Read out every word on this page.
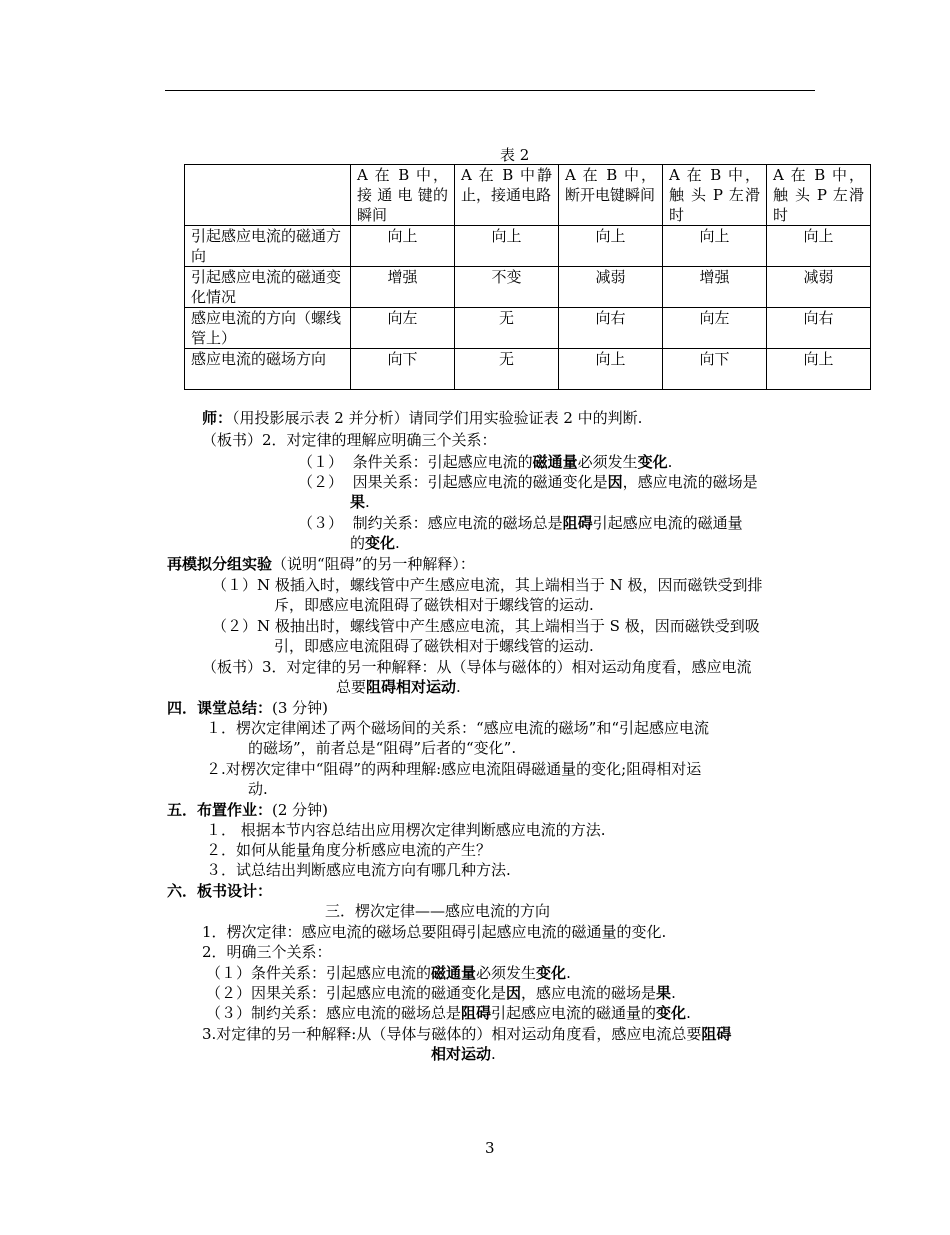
表 2
	A 在 B 中，接 通 电 键的瞬间	A 在 B 中静止，接通电路	A 在 B 中，断开电键瞬间	A 在 B 中，触 头 P 左滑时	A 在 B 中，触 头 P 左滑时
引起感应电流的磁通方向	向上	向上	向上	向上	向上
引起感应电流的磁通变化情况	增强	不变	减弱	增强	减弱
感应电流的方向（螺线管上）	向左	无	向右	向左	向右
感应电流的磁场方向	向下	无	向上	向下	向上
师：（用投影展示表 2 并分析）请同学们用实验验证表 2 中的判断.
（板书）2．对定律的理解应明确三个关系：
（１） 条件关系：引起感应电流的磁通量必须发生变化.
（２） 因果关系：引起感应电流的磁通变化是因，感应电流的磁场是
果.
（３） 制约关系：感应电流的磁场总是阻碍引起感应电流的磁通量
的变化.
再模拟分组实验（说明“阻碍”的另一种解释）：
（１）N 极插入时，螺线管中产生感应电流，其上端相当于 N 极，因而磁铁受到排
斥，即感应电流阻碍了磁铁相对于螺线管的运动.
（２）N 极抽出时，螺线管中产生感应电流，其上端相当于 S 极，因而磁铁受到吸
引，即感应电流阻碍了磁铁相对于螺线管的运动.
（板书）3．对定律的另一种解释：从（导体与磁体的）相对运动角度看，感应电流
总要阻碍相对运动.
四．课堂总结：(3 分钟)
１．楞次定律阐述了两个磁场间的关系：“感应电流的磁场”和“引起感应电流
的磁场”，前者总是“阻碍”后者的“变化”.
２.对楞次定律中“阻碍”的两种理解:感应电流阻碍磁通量的变化;阻碍相对运
动.
五．布置作业：(2 分钟)
１． 根据本节内容总结出应用楞次定律判断感应电流的方法.
２．如何从能量角度分析感应电流的产生？
３．试总结出判断感应电流方向有哪几种方法.
六．板书设计：
三．楞次定律——感应电流的方向
1．楞次定律：感应电流的磁场总要阻碍引起感应电流的磁通量的变化.
2．明确三个关系：
（１）条件关系：引起感应电流的磁通量必须发生变化.
（２）因果关系：引起感应电流的磁通变化是因，感应电流的磁场是果.
（３）制约关系：感应电流的磁场总是阻碍引起感应电流的磁通量的变化.
3.对定律的另一种解释:从（导体与磁体的）相对运动角度看，感应电流总要阻碍
相对运动.
3
